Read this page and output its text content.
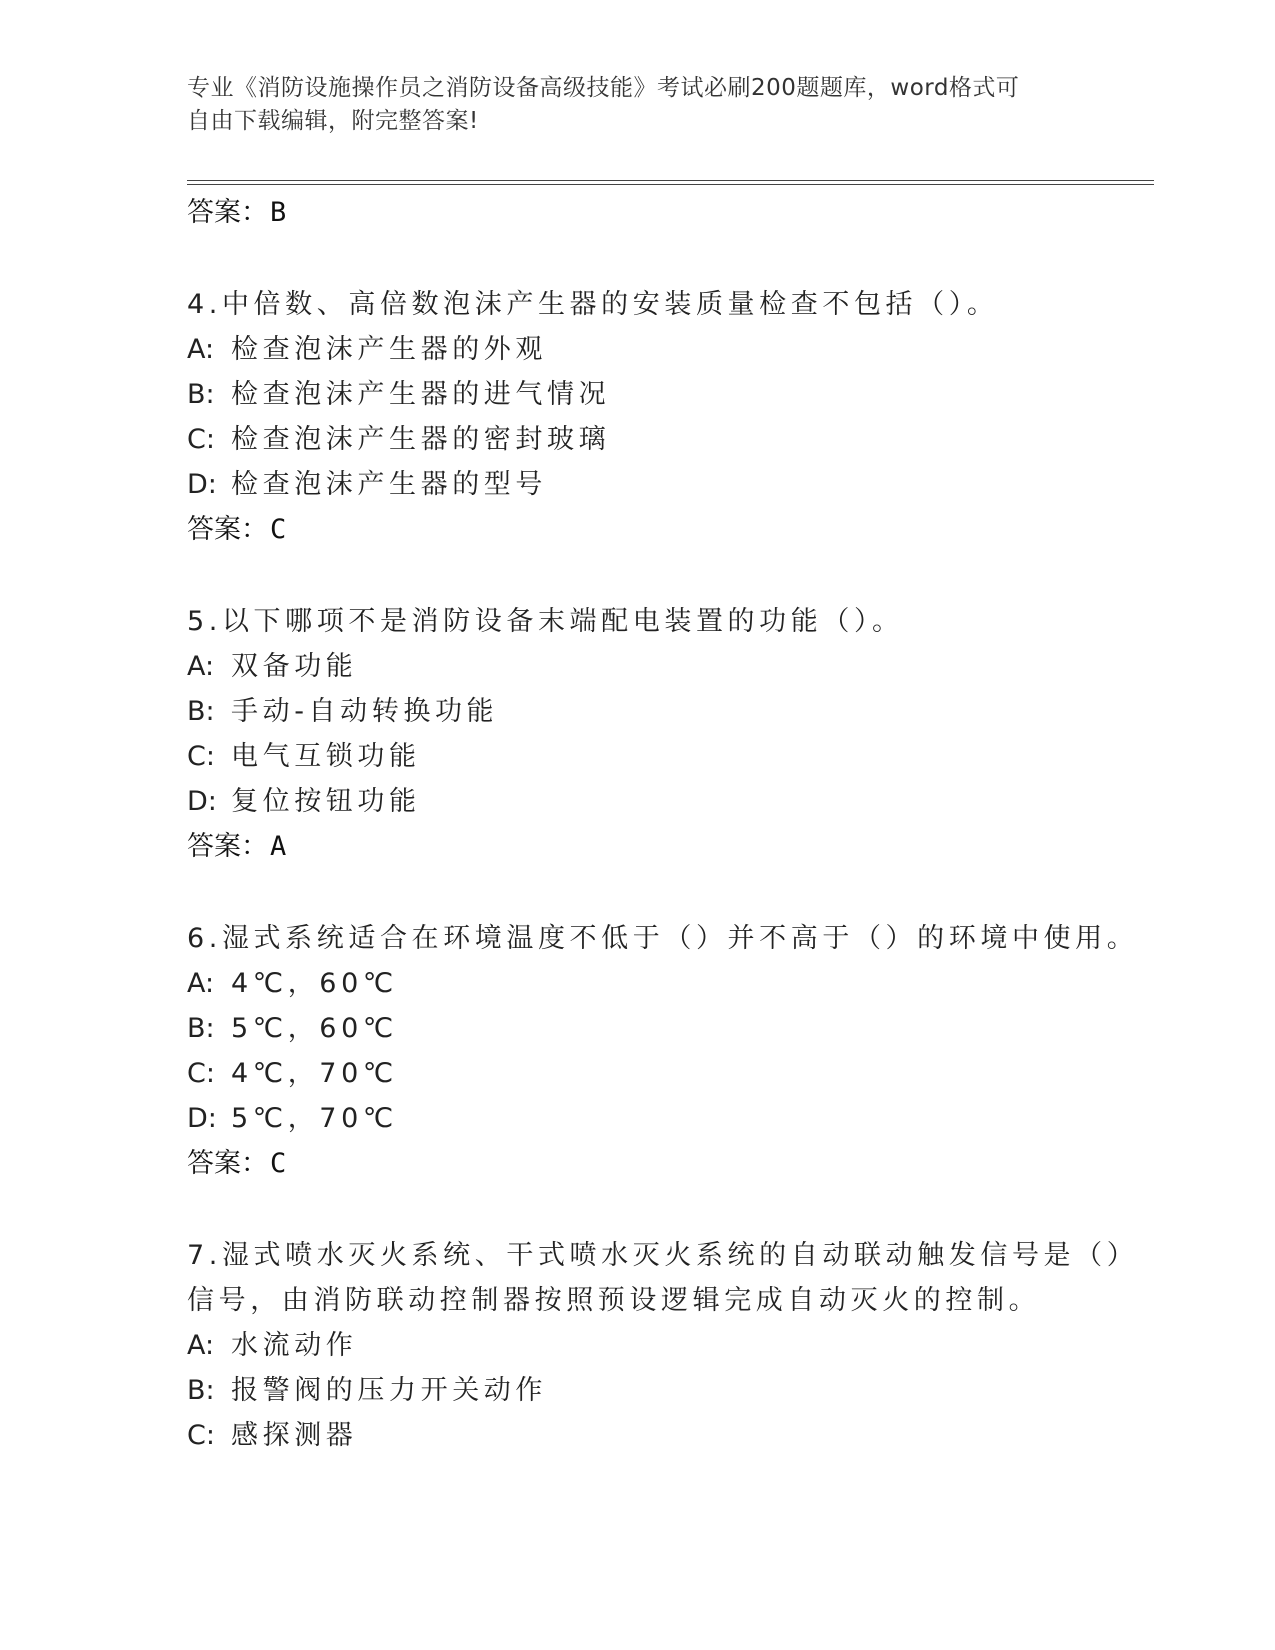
专业《消防设施操作员之消防设备高级技能》考试必刷200题题库，word格式可
自由下载编辑，附完整答案!
答案：B
4.中倍数、高倍数泡沫产生器的安装质量检查不包括（）。
A: 检查泡沫产生器的外观
B: 检查泡沫产生器的进气情况
C: 检查泡沫产生器的密封玻璃
D: 检查泡沫产生器的型号
答案：C
5.以下哪项不是消防设备末端配电装置的功能（）。
A: 双备功能
B: 手动-自动转换功能
C: 电气互锁功能
D: 复位按钮功能
答案：A
6.湿式系统适合在环境温度不低于（）并不高于（）的环境中使用。
A: 4℃，60℃
B: 5℃，60℃
C: 4℃，70℃
D: 5℃，70℃
答案：C
7.湿式喷水灭火系统、干式喷水灭火系统的自动联动触发信号是（）
信号，由消防联动控制器按照预设逻辑完成自动灭火的控制。
A: 水流动作
B: 报警阀的压力开关动作
C: 感探测器
